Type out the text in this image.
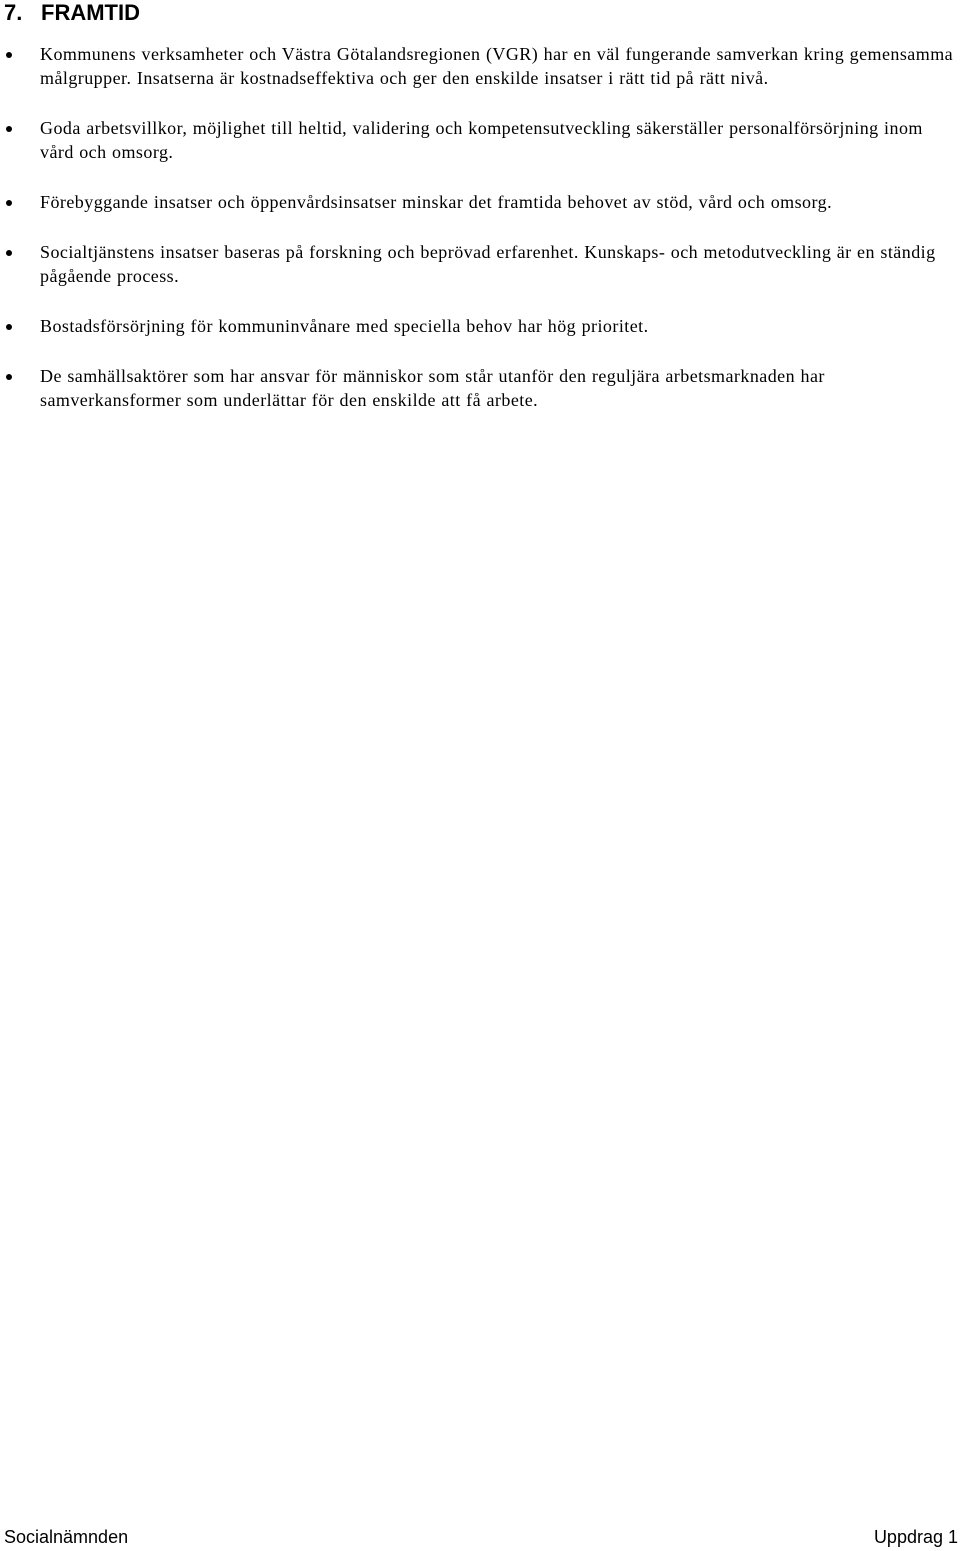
7. FRAMTID
Kommunens verksamheter och Västra Götalandsregionen (VGR) har en väl fungerande samverkan kring gemensamma målgrupper. Insatserna är kostnadseffektiva och ger den enskilde insatser i rätt tid på rätt nivå.
Goda arbetsvillkor, möjlighet till heltid, validering och kompetensutveckling säkerställer personalförsörjning inom vård och omsorg.
Förebyggande insatser och öppenvårdsinsatser minskar det framtida behovet av stöd, vård och omsorg.
Socialtjänstens insatser baseras på forskning och beprövad erfarenhet. Kunskaps- och metodutveckling är en ständig pågående process.
Bostadsförsörjning för kommuninvånare med speciella behov har hög prioritet.
De samhällsaktörer som har ansvar för människor som står utanför den reguljära arbetsmarknaden har samverkansformer som underlättar för den enskilde att få arbete.
Socialnämnden	Uppdrag 1
